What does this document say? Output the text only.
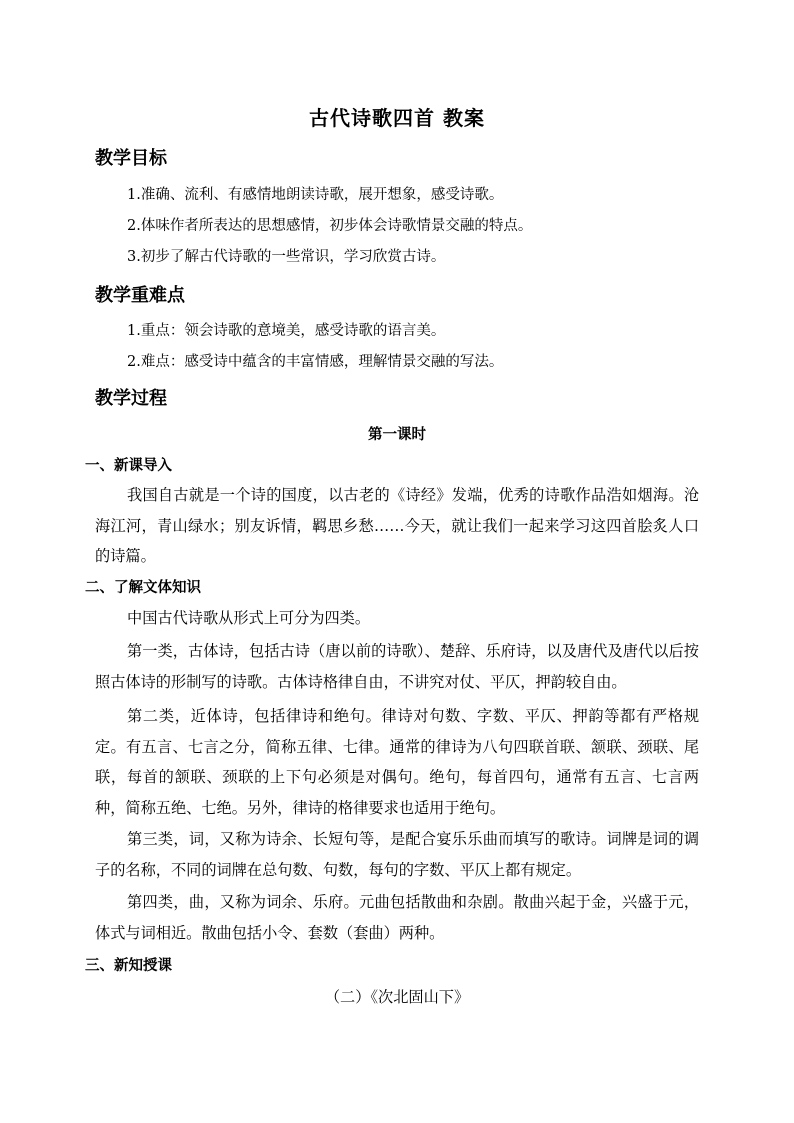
古代诗歌四首 教案
教学目标
1.准确、流利、有感情地朗读诗歌，展开想象，感受诗歌。
2.体味作者所表达的思想感情，初步体会诗歌情景交融的特点。
3.初步了解古代诗歌的一些常识，学习欣赏古诗。
教学重难点
1.重点：领会诗歌的意境美，感受诗歌的语言美。
2.难点：感受诗中蕴含的丰富情感，理解情景交融的写法。
教学过程
第一课时
一、新课导入
我国自古就是一个诗的国度，以古老的《诗经》发端，优秀的诗歌作品浩如烟海。沧海江河，青山绿水；别友诉情，羁思乡愁……今天，就让我们一起来学习这四首脍炙人口的诗篇。
二、了解文体知识
中国古代诗歌从形式上可分为四类。
第一类，古体诗，包括古诗（唐以前的诗歌）、楚辞、乐府诗，以及唐代及唐代以后按照古体诗的形制写的诗歌。古体诗格律自由，不讲究对仗、平仄，押韵较自由。
第二类，近体诗，包括律诗和绝句。律诗对句数、字数、平仄、押韵等都有严格规定。有五言、七言之分，简称五律、七律。通常的律诗为八句四联首联、颔联、颈联、尾联，每首的颔联、颈联的上下句必须是对偶句。绝句，每首四句，通常有五言、七言两种，简称五绝、七绝。另外，律诗的格律要求也适用于绝句。
第三类，词，又称为诗余、长短句等，是配合宴乐乐曲而填写的歌诗。词牌是词的调子的名称，不同的词牌在总句数、句数，每句的字数、平仄上都有规定。
第四类，曲，又称为词余、乐府。元曲包括散曲和杂剧。散曲兴起于金，兴盛于元，体式与词相近。散曲包括小令、套数（套曲）两种。
三、新知授课
（二）《次北固山下》
